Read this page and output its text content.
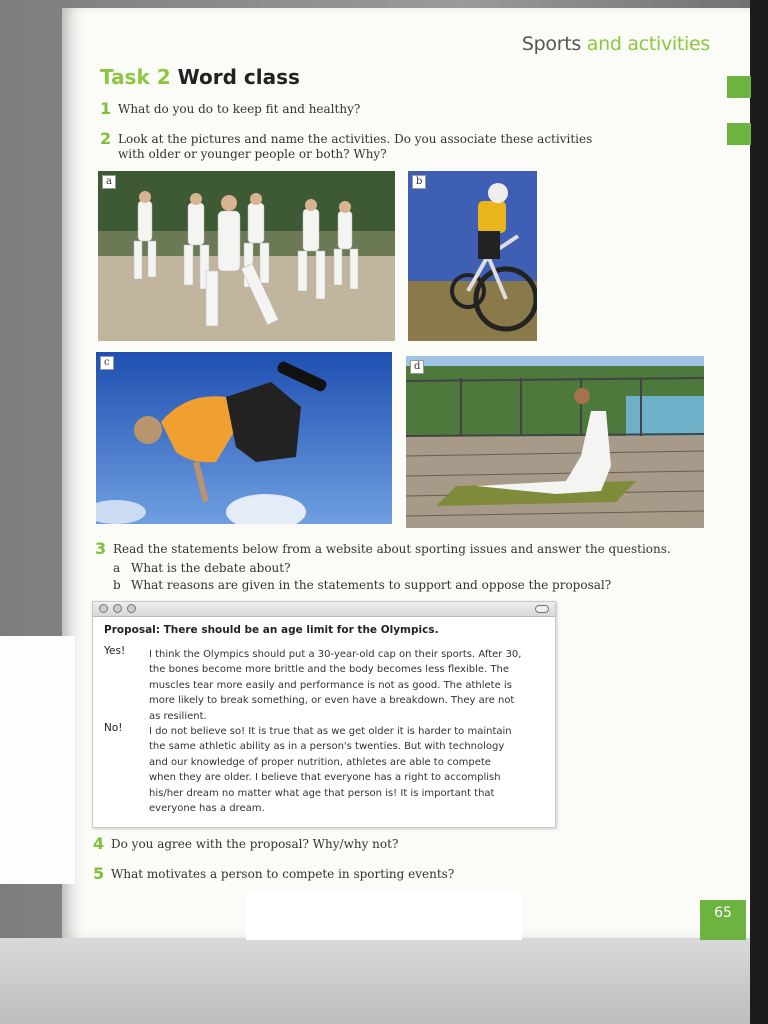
Sports and activities
Task 2 Word class
1 What do you do to keep fit and healthy?
2 Look at the pictures and name the activities. Do you associate these activities
with older or younger people or both? Why?
a	b
c	d
3 Read the statements below from a website about sporting issues and answer the questions.
a What is the debate about?
b What reasons are given in the statements to support and oppose the proposal?
Proposal: There should be an age limit for the Olympics.
Yes! I think the Olympics should put a 30-year-old cap on their sports. After 30,
the bones become more brittle and the body becomes less flexible. The
muscles tear more easily and performance is not as good. The athlete is
more likely to break something, or even have a breakdown. They are not
as resilient.
No!	I do not believe so! It is true that as we get older it is harder to maintain
the same athletic ability as in a person's twenties. But with technology
and our knowledge of proper nutrition, athletes are able to compete
when they are older. I believe that everyone has a right to accomplish
his/her dream no matter what age that person is! It is important that
everyone has a dream.
4 Do you agree with the proposal? Why/why not?
5 What motivates a person to compete in sporting events?
65
